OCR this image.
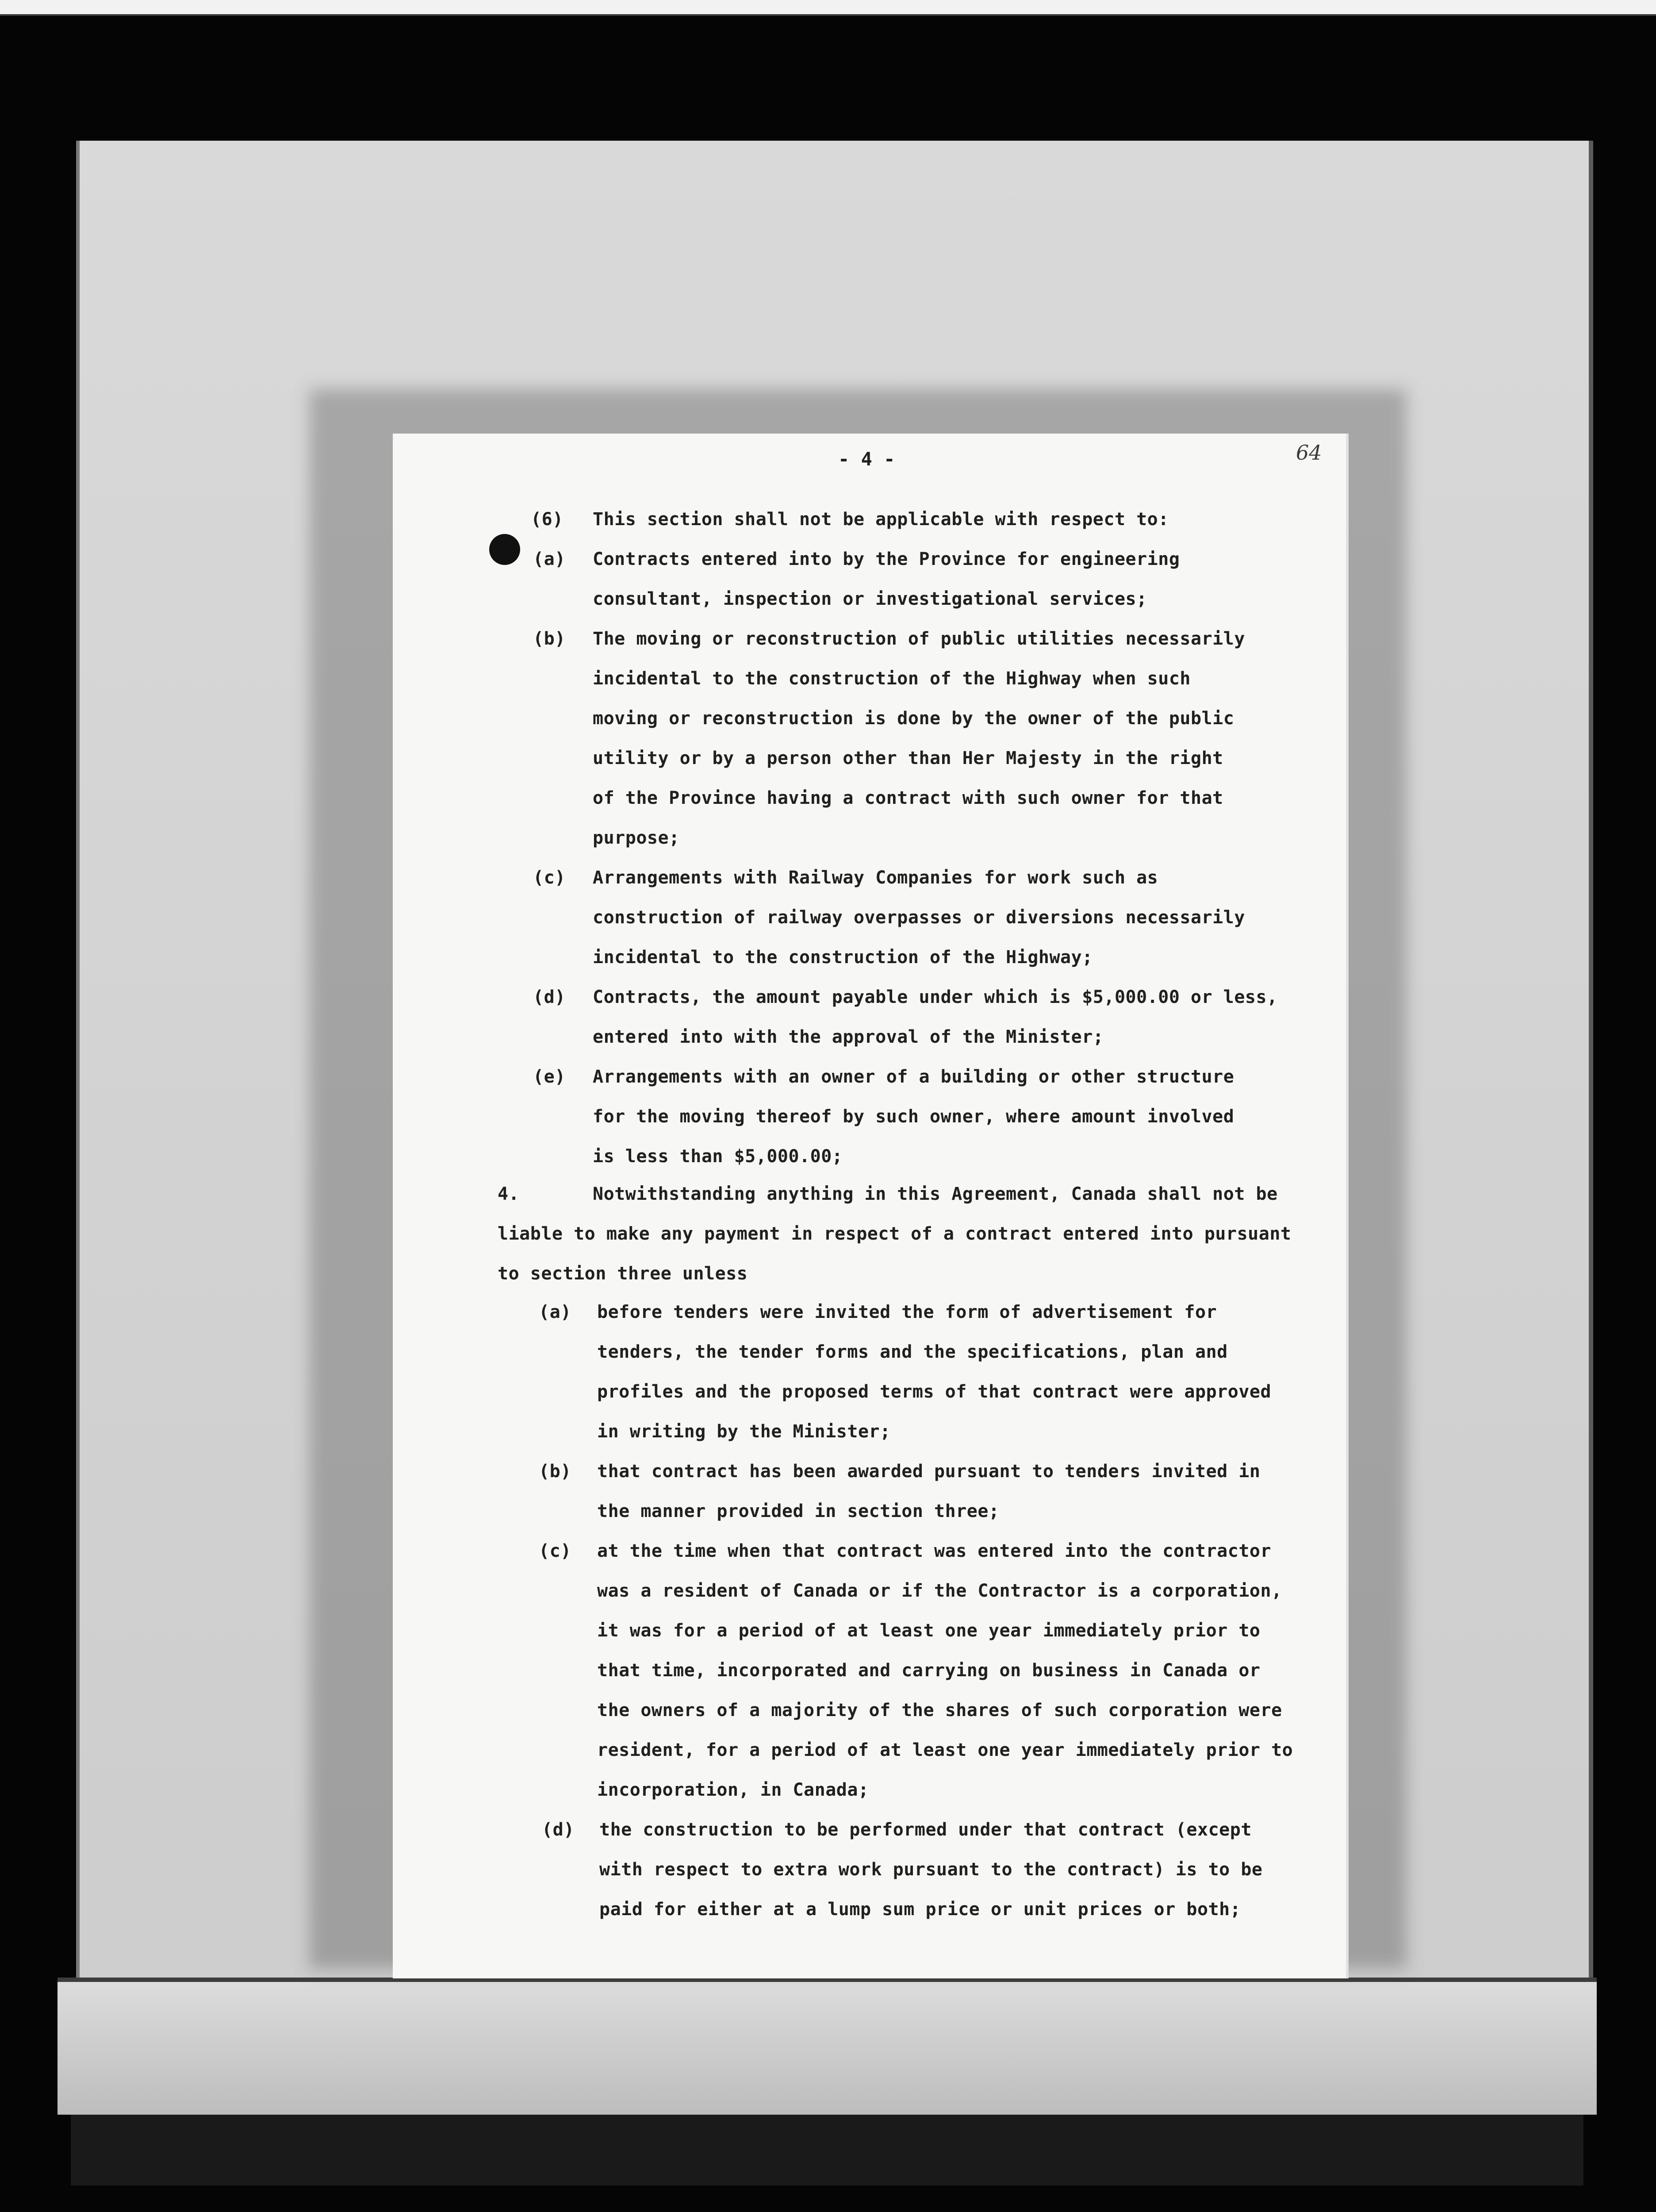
- 4 -	64
(6) This section shall not be applicable with respect to:
(a) Contracts entered into by the Province for engineering
consultant, inspection or investigational services;
(b) The moving or reconstruction of public utilities necessarily
incidental to the construction of the Highway when such
moving or reconstruction is done by the owner of the public
utility or by a person other than Her Majesty in the right
of the Province having a contract with such owner for that
purpose;
(c) Arrangements with Railway Companies for work such as
construction of railway overpasses or diversions necessarily
incidental to the construction of the Highway;
(d) Contracts, the amount payable under which is $5,000.00 or less,
entered into with the approval of the Minister;
(e) Arrangements with an owner of a building or other structure
for the moving thereof by such owner, where amount involved
is less than $5,000.00;
4.	Notwithstanding anything in this Agreement, Canada shall not be
liable to make any payment in respect of a contract entered into pursuant
to section three unless
(a) before tenders were invited the form of advertisement for
tenders, the tender forms and the specifications, plan and
profiles and the proposed terms of that contract were approved
in writing by the Minister;
(b) that contract has been awarded pursuant to tenders invited in
the manner provided in section three;
(c) at the time when that contract was entered into the contractor
was a resident of Canada or if the Contractor is a corporation,
it was for a period of at least one year immediately prior to
that time, incorporated and carrying on business in Canada or
the owners of a majority of the shares of such corporation were
resident, for a period of at least one year immediately prior to
incorporation, in Canada;
(d) the construction to be performed under that contract (except
with respect to extra work pursuant to the contract) is to be
paid for either at a lump sum price or unit prices or both;
